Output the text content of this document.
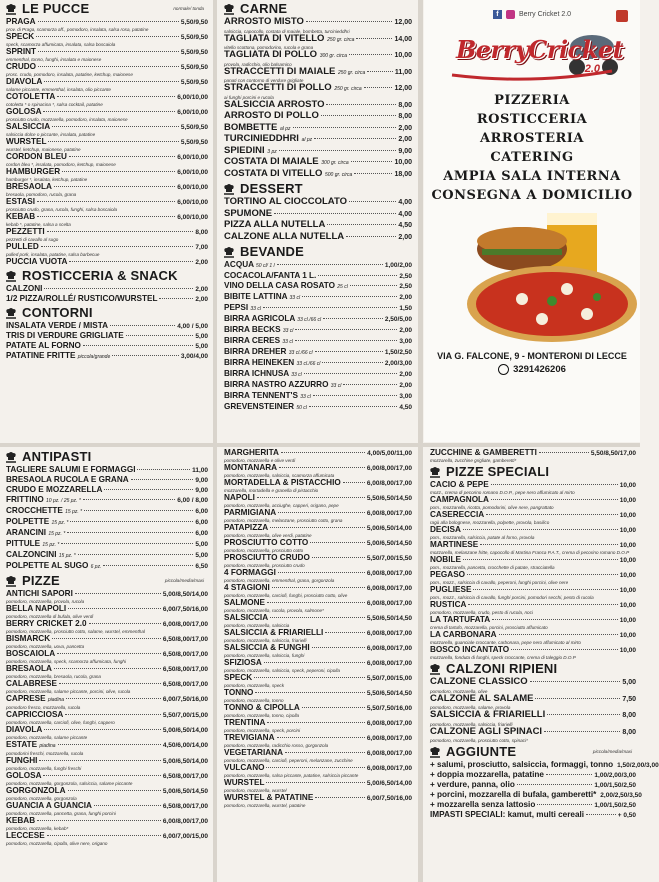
LE PUCCE	normale/ tonda
PRAGA	5,50/9,50
prov. di Praga, scamorza aff., pomodoro, insalata, salsa rosa, patatine
SPECK	5,50/9,50
speck, scamorza affumicata, insalata, salsa boscaiola
SPRINT	5,50/9,50
emmenthal, tonno, funghi, insalata e maionese
CRUDO	5,50/9,50
prosc. crudo, pomodoro, insalata, patatine, ketchup, maionese
DIAVOLA	5,50/9,50
salame piccante, emmenthal, insalata, olio piccante
COTOLETTA	6,00/10,00
cotoletta * o spinacina *, salsa cocktail, patatine
GOLOSA	6,00/10,00
prosciutto crudo, mozzarella, pomodoro, insalata, maionese
SALSICCIA	5,50/9,50
salsiccia dolce o piccante, insalata, patatine
WURSTEL	5,50/9,50
wurstel, ketchup, maionese, patatine
CORDON BLEU	6,00/10,00
cordon bleu *, insalata, pomodoro, ketchup, maionese
HAMBURGER	6,00/10,00
hamburger *, insalata, ketchup, patatine
BRESAOLA	6,00/10,00
bresaola, pomodoro, rucola, grana
ESTASI	6,00/10,00
prosciutto crudo, grana, rucola, funghi, salsa boscaiola
KEBAB	6,00/10,00
kebab *, patatine, salsa a scelta
PEZZETTI	8,00
pezzetti di cavallo al sugo
PULLED	7,00
pulled pork, insalata, patatine, salsa barbecue
PUCCIA VUOTA	2,00
ROSTICCERIA & SNACK
CALZONI	2,00
1/2 PIZZA/ROLLÉ/ RUSTICO/WURSTEL	2,00
CONTORNI
INSALATA VERDE / MISTA	4,00 / 5,00
TRIS DI VERDURE GRIGLIATE	5,00
PATATE AL FORNO	5,00
PATATINE FRITTE piccola/grande	3,00/4,00
CARNE
ARROSTO MISTO	12,00
salsiccia, capocollo, costata di maiale, bombetta, turcinieddhri
TAGLIATA DI VITELLO 250 gr. circa	14,00
vitello scottona, pomodorino, rucola e grana
TAGLIATA DI POLLO 300 gr. circa	10,00
provola, radicchio, olio balsamico
STRACCETTI DI MAIALE 250 gr. circa	11,00
panati con contorno di verdure grigliate
STRACCETTI DI POLLO 250 gr. circa	12,00
ai funghi porcini e rucola
SALSICCIA ARROSTO	8,00
ARROSTO DI POLLO	8,00
BOMBETTE al pz	2,00
TURCINIEDDHRI al pz	2,00
SPIEDINI 3 pz	9,00
COSTATA DI MAIALE 300 gr. circa	10,00
COSTATA DI VITELLO 500 gr. circa	18,00
DESSERT
TORTINO AL CIOCCOLATO	4,00
SPUMONE	4,00
PIZZA ALLA NUTELLA	4,50
CALZONE ALLA NUTELLA	2,00
BEVANDE
ACQUA 50 cl/ 1 l	1,00/2,00
COCACOLA/FANTA 1 L.	2,50
VINO DELLA CASA ROSATO 25 cl	2,50
BIBITE LATTINA 33 cl	2,00
PEPSI 33 cl	1,50
BIRRA AGRICOLA 33 cl./66 cl	2,50/5,00
BIRRA BECKS 33 cl	2,00
BIRRA CERES 33 cl	3,00
BIRRA DREHER 33 cl./66 cl	1,50/2,50
BIRRA HEINEKEN 33 cl./66 cl	2,00/3,00
BIRRA ICHNUSA 33 cl	2,00
BIRRA NASTRO AZZURRO 33 cl	2,00
BIRRA TENNENT'S 33 cl	3,00
GREVENSTEINER 50 cl	4,50
f	Berry Cricket 2.0
BerryCricket
2.0
PIZZERIA
ROSTICCERIA
ARROSTERIA
CATERING
AMPIA SALA INTERNA
CONSEGNA A DOMICILIO
VIA G. FALCONE, 9 - MONTERONI DI LECCE
3291426206
ANTIPASTI
TAGLIERE SALUMI E FORMAGGI	11,00
BRESAOLA RUCOLA E GRANA	9,00
CRUDO E MOZZARELLA	9,00
FRITTINO 10 pz. / 25 pz. *	6,00 / 8,00
CROCCHETTE 15 pz. *	6,00
POLPETTE 15 pz. *	6,00
ARANCINI 15 pz. *	6,00
PITTULE 15 pz. *	5,00
CALZONCINI 15 pz. *	5,00
POLPETTE AL SUGO 6 pz.	6,50
PIZZE	piccola/media/maxi
ANTICHI SAPORI	5,00/8,50/14,00
pomodoro, mozzarella, provola, rucola
BELLA NAPOLI	6,00/7,50/16,00
pomodoro, mozzarella di bufala, olive verdi
BERRY CRICKET 2.0	6,00/8,00/17,00
pomodoro, mozzarella, prosciutto cotto, salame, wurstel, emmenthal
BISMARCK	6,50/8,00/17,00
pomodoro, mozzarella, uova, pancetta
BOSCAIOLA	6,50/8,00/17,00
pomodoro, mozzarella, speck, scamorza affumicata, funghi
BRESAOLA	6,50/8,00/17,00
pomodoro, mozzarella, bresaola, rucola, grana
CALABRESE	6,50/8,00/17,00
pomodoro, mozzarella, salame piccante, porcini, olive, rucola
CAPRESE piadina	6,00/7,50/16,00
pomodoro fresco, mozzarella, rucola
CAPRICCIOSA	5,50/7,00/15,00
pomodoro, mozzarella, carciofi, olive, funghi, cappero
DIAVOLA	5,00/6,50/14,00
pomodoro, mozzarella, salame piccante
ESTATE piadina	4,50/6,00/14,00
pomodorini freschi, mozzarella, rucola
FUNGHI	5,00/6,50/14,00
pomodoro, mozzarella, funghi freschi
GOLOSA	6,50/8,00/17,00
pomodoro, mozzarella, gorgonzola, salsiccia, salame piccante
GORGONZOLA	5,00/6,50/14,50
pomodoro, mozzarella, gorgonzola
GUANCIA A GUANCIA	6,50/8,00/17,00
pomodoro, mozzarella, pancetta, grana, funghi porcini
KEBAB	6,00/8,00/17,00
pomodoro, mozzarella, kebab*
LECCESE	6,00/7,00/15,00
pomodoro, mozzarella, cipolla, olive nere, origano
MARGHERITA	4,00/5,00/11,00
pomodoro, mozzarella e olive verdi
MONTANARA	6,00/8,00/17,00
pomodoro, mozzarella, salsiccia, scamorza affumicata
MORTADELLA & PISTACCHIO	6,00/8,00/17,00
mozzarella, mortadella e granella di pistacchio
NAPOLI	5,50/6,50/14,50
pomodoro, mozzarella, acciughe, capperi, origano, pepe
PARMIGIANA	6,00/8,00/17,00
pomodoro, mozzarella, melanzane, prosciutto cotto, grana
PATAPIZZA	5,00/6,50/14,00
pomodoro, mozzarella, olive verdi, patatine
PROSCIUTTO COTTO	5,00/6,50/14,50
pomodoro, mozzarella, prosciutto cotto
PROSCIUTTO CRUDO	5,50/7,00/15,50
pomodoro, mozzarella, prosciutto crudo
4 FORMAGGI	6,00/8,00/17,00
pomodoro, mozzarella, emmenthal, grana, gorgonzola
4 STAGIONI	6,00/8,00/17,00
pomodoro, mozzarella, carciofi, funghi, prosciutto cotto, olive
SALMONE	6,00/8,00/17,00
pomodoro, mozzarella, rucola, provola, salmone*
SALSICCIA	5,50/6,50/14,50
pomodoro, mozzarella, salsiccia
SALSICCIA & FRIARIELLI	6,00/8,00/17,00
pomodoro, mozzarella, salsiccia, friarielli
SALSICCIA & FUNGHI	6,00/8,00/17,00
pomodoro, mozzarella, salsiccia, funghi
SFIZIOSA	6,00/8,00/17,00
pomodoro, mozzarella, salsiccia, speck, peperoni, cipolla
SPECK	5,50/7,00/15,00
pomodoro, mozzarella, speck
TONNO	5,50/6,50/14,50
pomodoro, mozzarella, tonno
TONNO & CIPOLLA	5,50/7,50/16,00
pomodoro, mozzarella, tonno, cipolla
TRENTINA	6,00/8,00/17,00
pomodoro, mozzarella, speck, porcini
TREVIGIANA	6,00/8,00/17,00
pomodoro, mozzarella, radicchio rosso, gorgonzola
VEGETARIANA	6,00/8,00/17,00
pomodoro, mozzarella, carciofi, peperoni, melanzane, zucchine
VULCANO	6,00/8,00/17,00
pomodoro, mozzarella, salsa piccante, patatine, salsiccia piccante
WURSTEL	5,00/6,50/14,00
pomodoro, mozzarella, wurstel
WURSTEL & PATATINE	6,00/7,50/16,00
pomodoro, mozzarella, wurstel, patatine
ZUCCHINE & GAMBERETTI	5,50/8,50/17,00
mozzarella, zucchine grigliate, gamberetti*
PIZZE SPECIALI
CACIO & PEPE	10,00
mozz., crema di pecorino romano D.O.P., pepe nero affumicato al mirto
CAMPAGNOLA	10,00
pom., mozzarella, ricotta, pomodorini, olive nere, pangrattato
CASERECCIA	10,00
ragù alla bolognese, mozzarella, polpette, provola, basilico
DECISA	10,00
pom., mozzarella, salsiccia, patate al forno, provola
MARTINESE	10,00
mozzarella, melanzane fritte, capocollo di Martina Franca P.A.T., crema di pecorino romano D.O.P
NOBILE	10,00
pom., mozzarella, pancetta, crocchette di patate, stracciatella
PEGASO	10,00
pom., mozz., salsiccia di cavallo, peperoni, funghi porcini, olive nere
PUGLIESE	10,00
pom., mozz., salsiccia di cavallo, funghi porcini, pomodori secchi, pesto di rucola
RUSTICA	10,00
pomodoro, mozzarella, crudo, pesto di rucola, noci
LA TARTUFATA	10,00
crema di tartufo, mozzarella, porcini, prosciutto affumicato
LA CARBONARA	10,00
mozzarella, guanciale croccante, carbonara, pepe nero affumicato al mirto
BOSCO INCANTATO	10,00
mozzarella, fonduta di funghi, speck croccante, crema di taleggio D.O.P
CALZONI RIPIENI
CALZONE CLASSICO	5,00
pomodoro, mozzarella, olive
CALZONE AL SALAME	7,50
pomodoro, mozzarella, salame, provola
SALSICCIA & FRIARIELLI	8,00
pomodoro, mozzarella, salsiccia, friarielli
CALZONE AGLI SPINACI	8,00
pomodoro, mozzarella, prosciutto cotto, spinaci*
AGGIUNTE	piccola/media/maxi
+ salumi, prosciutto, salsiccia, formaggi, tonno 1,50/2,00/3,00
+ doppia mozzarella, patatine	1,00/2,00/3,00
+ verdure, panna, olio	1,00/1,50/2,50
+ porcini, mozzarella di bufala, gamberetti* 2,00/2,50/3,50
+ mozzarella senza lattosio	1,00/1,50/2,50
IMPASTI SPECIALI: kamut, multi cereali	+ 0,50
